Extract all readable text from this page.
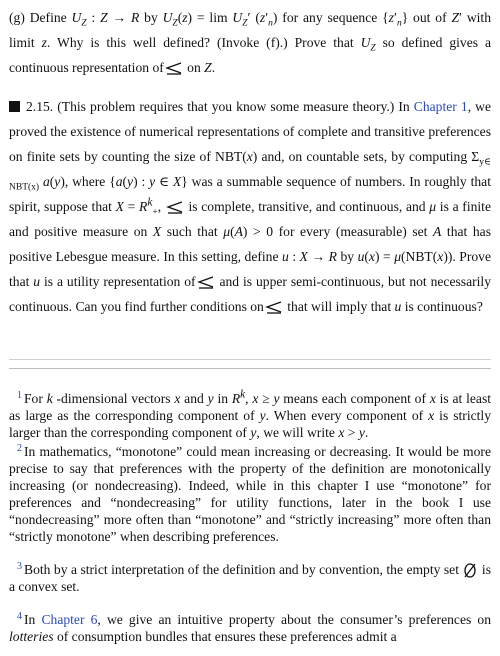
(g) Define $U_Z$ : Z → R by $U_Z(z) = \lim U_Z'$ $(z'_n)$ for any sequence $\{z'_n\}$ out of Z′ with limit z. Why is this well defined? (Invoke (f).) Prove that $U_Z$ so defined gives a continuous representation of
on Z.

2.15. (This problem requires that you know some measure theory.) In Chapter 1, we proved the existence of numerical representations of complete and transitive preferences on finite sets by counting the size of NBT(x) and, on countable sets, by computing $\Sigma_{y\in NBT(x)}$ a(y), where {a(y) : y ∈ X} was a summable sequence of numbers. In roughly that spirit, suppose that $X = R^k_+$,
is complete, transitive, and continuous, and μ is a finite and positive measure on X such that μ(A) > 0 for every (measurable) set A that has positive Lebesgue measure. In this setting, define u : X → R by u(x) = μ(NBT(x)). Prove that u is a utility representation of
and is upper semi-continuous, but not necessarily continuous. Can you find further conditions on
that will imply that u is continuous?

$^1$ For k -dimensional vectors x and y in $R^k$, x ≥ y means each component of x is at least as large as the corresponding component of y. When every component of x is strictly larger than the corresponding component of y, we will write x > y.

$^2$ In mathematics, “monotone” could mean increasing or decreasing. It would be more precise to say that preferences with the property of the definition are monotonically increasing (or nondecreasing). Indeed, while in this chapter I use “monotone” for preferences and “nondecreasing” for utility functions, later in the book I use “nondecreasing” more often than “monotone” and “strictly increasing” more often than “strictly monotone” when describing preferences.

$^3$ Both by a strict interpretation of the definition and by convention, the empty set
is a convex set.

$^4$ In Chapter 6, we give an intuitive property about the consumer’s preferences on lotteries of consumption bundles that ensures these preferences admit a
